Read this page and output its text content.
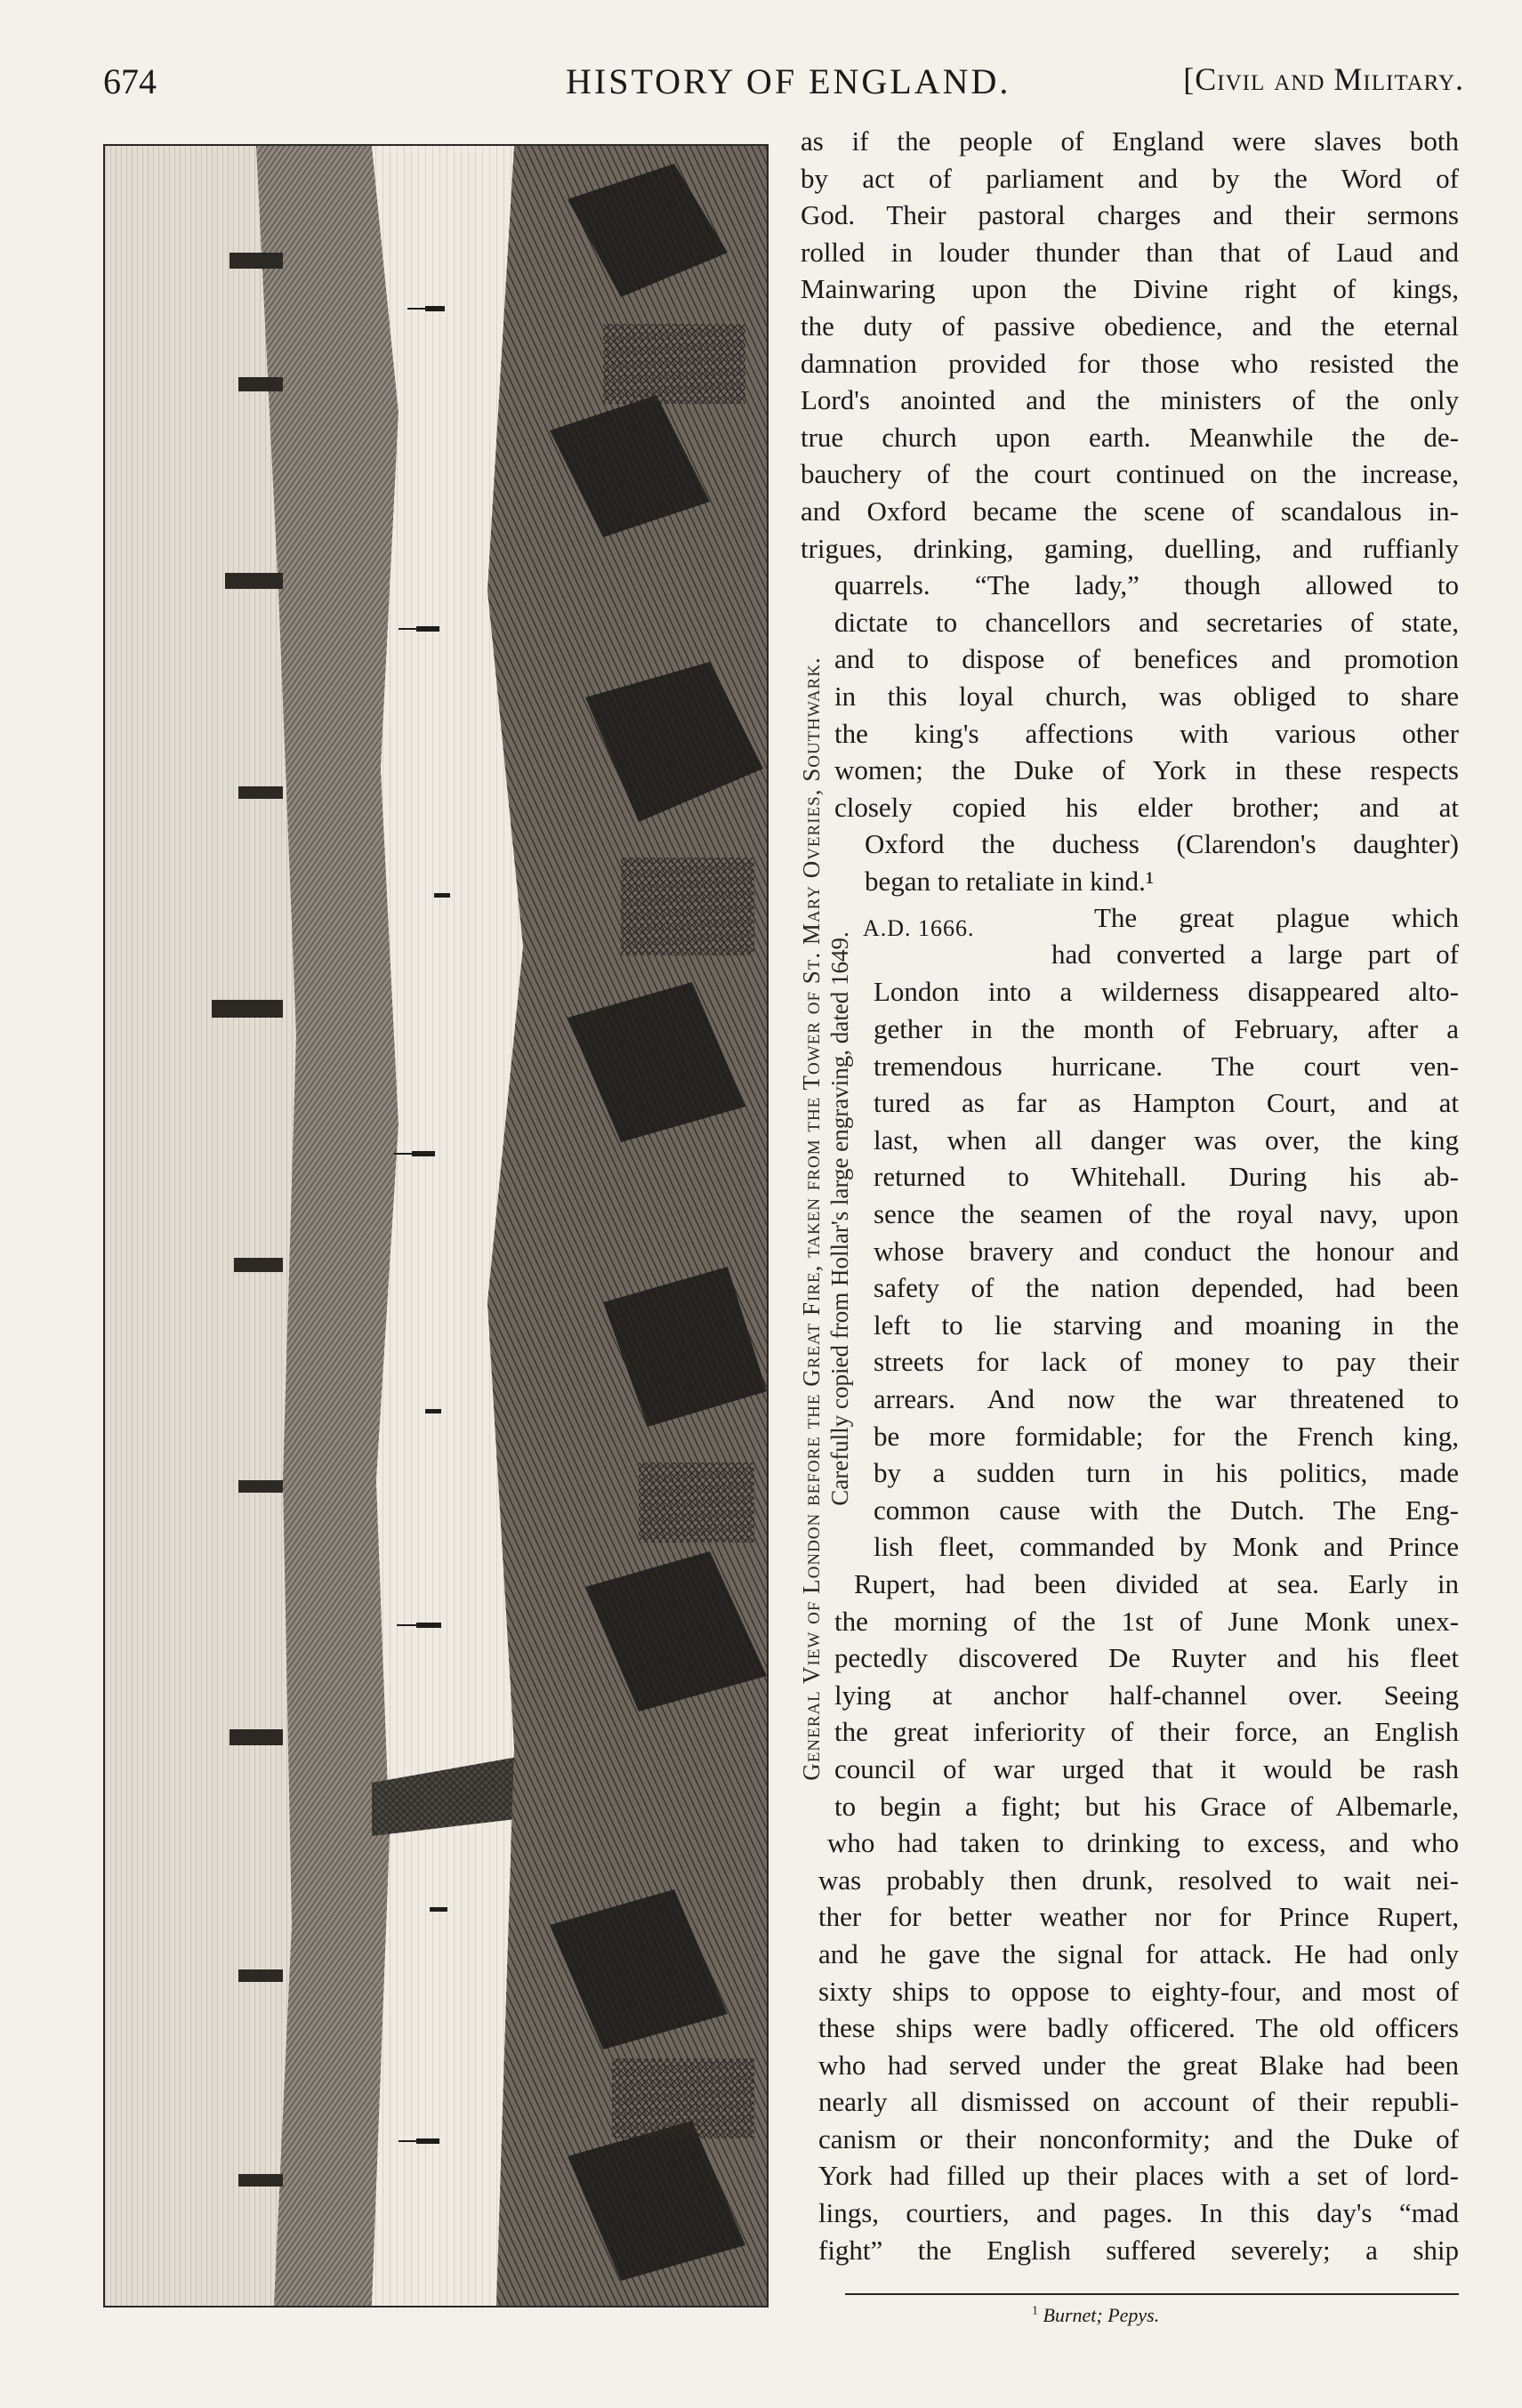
674	HISTORY OF ENGLAND.	[Civil and Military.
General View of London before the Great Fire, taken from the Tower of St. Mary Overies, Southwark. Carefully copied from Hollar's large engraving, dated 1649.
as if the people of England were slaves both
by act of parliament and by the Word of
God. Their pastoral charges and their sermons
rolled in louder thunder than that of Laud and
Mainwaring upon the Divine right of kings,
the duty of passive obedience, and the eternal
damnation provided for those who resisted the
Lord's anointed and the ministers of the only
true church upon earth. Meanwhile the de-
bauchery of the court continued on the increase,
and Oxford became the scene of scandalous in-
trigues, drinking, gaming, duelling, and ruffianly
quarrels. “The lady,” though allowed to
dictate to chancellors and secretaries of state,
and to dispose of benefices and promotion
in this loyal church, was obliged to share
the king's affections with various other
women; the Duke of York in these respects
closely copied his elder brother; and at
Oxford the duchess (Clarendon's daughter)
began to retaliate in kind.¹
A.D. 1666.	The great plague which
had converted a large part of
London into a wilderness disappeared alto-
gether in the month of February, after a
tremendous hurricane. The court ven-
tured as far as Hampton Court, and at
last, when all danger was over, the king
returned to Whitehall. During his ab-
sence the seamen of the royal navy, upon
whose bravery and conduct the honour and
safety of the nation depended, had been
left to lie starving and moaning in the
streets for lack of money to pay their
arrears. And now the war threatened to
be more formidable; for the French king,
by a sudden turn in his politics, made
common cause with the Dutch. The Eng-
lish fleet, commanded by Monk and Prince
Rupert, had been divided at sea. Early in
the morning of the 1st of June Monk unex-
pectedly discovered De Ruyter and his fleet
lying at anchor half-channel over. Seeing
the great inferiority of their force, an English
council of war urged that it would be rash
to begin a fight; but his Grace of Albemarle,
who had taken to drinking to excess, and who
was probably then drunk, resolved to wait nei-
ther for better weather nor for Prince Rupert,
and he gave the signal for attack. He had only
sixty ships to oppose to eighty-four, and most of
these ships were badly officered. The old officers
who had served under the great Blake had been
nearly all dismissed on account of their republi-
canism or their nonconformity; and the Duke of
York had filled up their places with a set of lord-
lings, courtiers, and pages. In this day's “mad
fight” the English suffered severely; a ship
$^1$ Burnet; Pepys.
